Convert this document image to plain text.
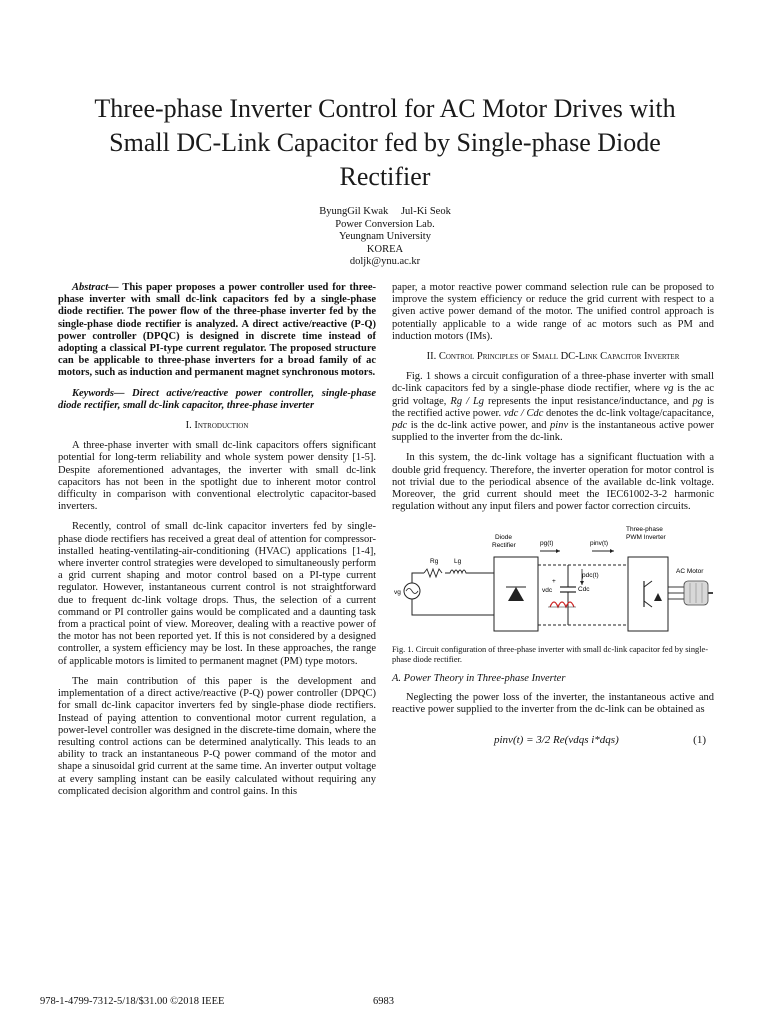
Three-phase Inverter Control for AC Motor Drives with Small DC-Link Capacitor fed by Single-phase Diode Rectifier
ByungGil Kwak Jul-Ki Seok
Power Conversion Lab.
Yeungnam University
KOREA
doljk@ynu.ac.kr

Abstract— This paper proposes a power controller used for three-phase inverter with small dc-link capacitors fed by a single-phase diode rectifier. The power flow of the three-phase inverter fed by the single-phase diode rectifier is analyzed. A direct active/reactive (P-Q) power controller (DPQC) is designed in discrete time instead of adopting a classical PI-type current regulator. The proposed structure can be applicable to three-phase inverters for a broad family of ac motors, such as induction and permanent magnet synchronous motors.

Keywords— Direct active/reactive power controller, single-phase diode rectifier, small dc-link capacitor, three-phase inverter

I. Introduction

A three-phase inverter with small dc-link capacitors offers significant potential for long-term reliability and whole system power density [1-5]. Despite aforementioned advantages, the inverter with small dc-link capacitors has not been in the spotlight due to inherent motor control difficulty in comparison with conventional electrolytic capacitor-based inverters.

Recently, control of small dc-link capacitor inverters fed by single-phase diode rectifiers has received a great deal of attention for compressor-installed heating-ventilating-air-conditioning (HVAC) applications [1-4], where inverter control strategies were developed to simultaneously perform a grid current shaping and motor control based on a PI-type current regulator. However, instantaneous current control is not straightforward due to frequent dc-link voltage drops. Thus, the selection of a current command or PI controller gains would be complicated and a daunting task from a practical point of view. Moreover, dealing with a reactive power of the motor has not been reported yet. If this is not considered by a designed controller, a system efficiency may be lost. In these approaches, the range of applicable motors is limited to permanent magnet (PM) type motors.

The main contribution of this paper is the development and implementation of a direct active/reactive (P-Q) power controller (DPQC) for small dc-link capacitor inverters fed by single-phase diode rectifiers. Instead of paying attention to conventional motor current regulation, a power-level controller was designed in the discrete-time domain, where the resulting control actions can be determined analytically. This leads to an ability to track an instantaneous P-Q power command of the motor and shape a sinusoidal grid current at the same time. An inverter output voltage at every sampling instant can be easily calculated without requiring any complicated decision algorithm and control gains. In this

paper, a motor reactive power command selection rule can be proposed to improve the system efficiency or reduce the grid current with respect to a given active power demand of the motor. The unified control approach is potentially applicable to a wide range of ac motors such as PM and induction motors (IMs).

II. Control Principles of Small DC-Link Capacitor Inverter

Fig. 1 shows a circuit configuration of a three-phase inverter with small dc-link capacitors fed by a single-phase diode rectifier, where vg is the ac grid voltage, Rg / Lg represents the input resistance/inductance, and pg is the rectified active power. vdc / Cdc denotes the dc-link voltage/capacitance, pdc is the dc-link active power, and pinv is the instantaneous active power supplied to the inverter from the dc-link.

In this system, the dc-link voltage has a significant fluctuation with a double grid frequency. Therefore, the inverter operation for motor control is not trivial due to the periodical absence of the available dc-link voltage. Moreover, the grid current should meet the IEC61002-3-2 harmonic regulation without any input filers and power factor correction circuits.

vg
Rg Lg
Diode
Rectifier	pg(t)
+
vdc	Cdc
pdc(t)
pinv(t)
Three-phase
PWM Inverter
AC Motor
Fig. 1. Circuit configuration of three-phase inverter with small dc-link capacitor fed by single-phase diode rectifier.
A. Power Theory in Three-phase Inverter

Neglecting the power loss of the inverter, the instantaneous active and reactive power supplied to the inverter from the dc-link can be obtained as

pinv(t) = 3/2 Re(vdqs i*dqs)	(1)
978-1-4799-7312-5/18/$31.00 ©2018 IEEE	6983
